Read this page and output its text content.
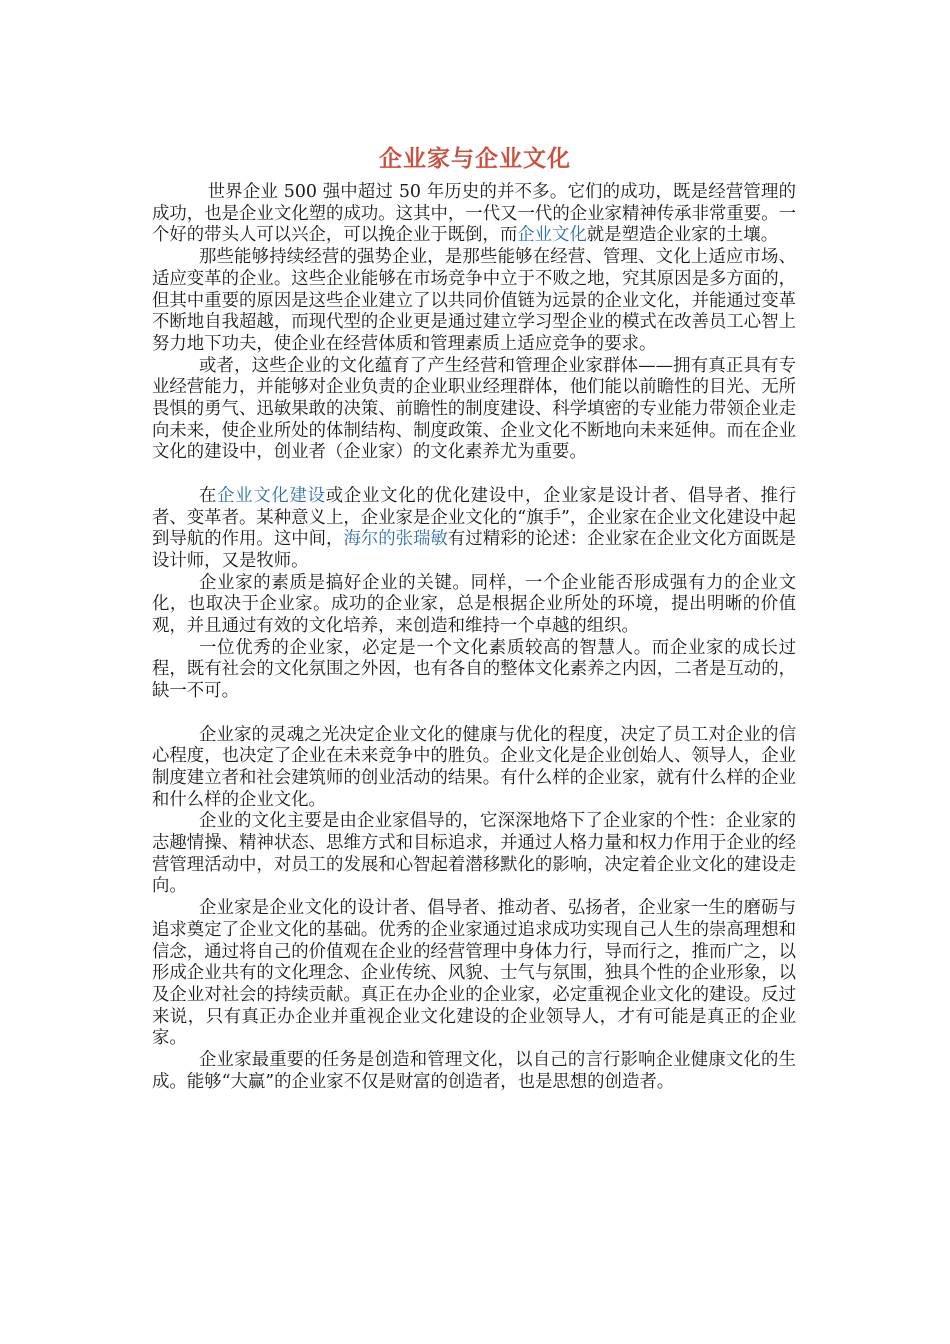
企业家与企业文化

世界企业 500 强中超过 50 年历史的并不多。它们的成功，既是经营管理的成功，也是企业文化塑的成功。这其中，一代又一代的企业家精神传承非常重要。一个好的带头人可以兴企，可以挽企业于既倒，而企业文化就是塑造企业家的土壤。

那些能够持续经营的强势企业，是那些能够在经营、管理、文化上适应市场、适应变革的企业。这些企业能够在市场竞争中立于不败之地，究其原因是多方面的，但其中重要的原因是这些企业建立了以共同价值链为远景的企业文化，并能通过变革不断地自我超越，而现代型的企业更是通过建立学习型企业的模式在改善员工心智上努力地下功夫，使企业在经营体质和管理素质上适应竞争的要求。

或者，这些企业的文化蕴育了产生经营和管理企业家群体——拥有真正具有专业经营能力，并能够对企业负责的企业职业经理群体，他们能以前瞻性的目光、无所畏惧的勇气、迅敏果敢的决策、前瞻性的制度建设、科学填密的专业能力带领企业走向未来，使企业所处的体制结构、制度政策、企业文化不断地向未来延伸。而在企业文化的建设中，创业者（企业家）的文化素养尤为重要。

在企业文化建设或企业文化的优化建设中，企业家是设计者、倡导者、推行者、变革者。某种意义上，企业家是企业文化的“旗手”，企业家在企业文化建设中起到导航的作用。这中间，海尔的张瑞敏有过精彩的论述：企业家在企业文化方面既是设计师，又是牧师。

企业家的素质是搞好企业的关键。同样，一个企业能否形成强有力的企业文化，也取决于企业家。成功的企业家，总是根据企业所处的环境，提出明晰的价值观，并且通过有效的文化培养，来创造和维持一个卓越的组织。

一位优秀的企业家，必定是一个文化素质较高的智慧人。而企业家的成长过程，既有社会的文化氛围之外因，也有各自的整体文化素养之内因，二者是互动的，缺一不可。

企业家的灵魂之光决定企业文化的健康与优化的程度，决定了员工对企业的信心程度，也决定了企业在未来竞争中的胜负。企业文化是企业创始人、领导人，企业制度建立者和社会建筑师的创业活动的结果。有什么样的企业家，就有什么样的企业和什么样的企业文化。

企业的文化主要是由企业家倡导的，它深深地烙下了企业家的个性：企业家的志趣情操、精神状态、思维方式和目标追求，并通过人格力量和权力作用于企业的经营管理活动中，对员工的发展和心智起着潜移默化的影响，决定着企业文化的建设走向。

企业家是企业文化的设计者、倡导者、推动者、弘扬者，企业家一生的磨砺与追求奠定了企业文化的基础。优秀的企业家通过追求成功实现自己人生的崇高理想和信念，通过将自己的价值观在企业的经营管理中身体力行，导而行之，推而广之，以形成企业共有的文化理念、企业传统、风貌、士气与氛围，独具个性的企业形象，以及企业对社会的持续贡献。真正在办企业的企业家，必定重视企业文化的建设。反过来说，只有真正办企业并重视企业文化建设的企业领导人，才有可能是真正的企业家。

企业家最重要的任务是创造和管理文化，以自己的言行影响企业健康文化的生成。能够“大赢”的企业家不仅是财富的创造者，也是思想的创造者。
